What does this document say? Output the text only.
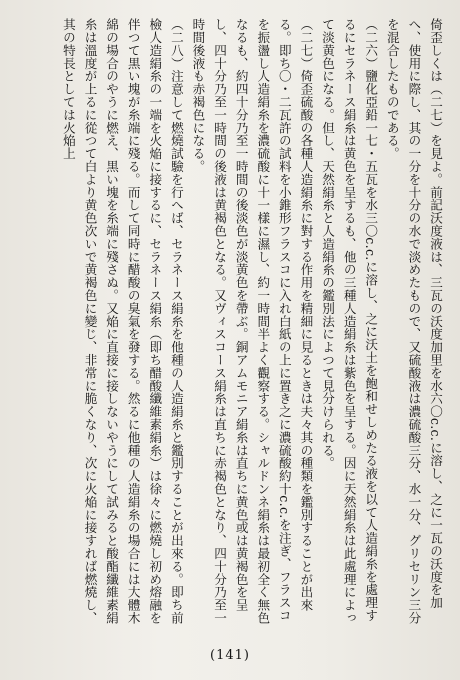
倚歪しくは（二七）を見よ。前記沃度液は、三瓦の沃度加里を水六〇c.c.に溶し、之に一瓦の沃度を加へ、使用に際し、其の一分を十分の水で淡めたもので、又硫酸液は濃硫酸三分、水一分、グリセリン三分を混合したものである。

（二六）鹽化亞鉛一七・五瓦を水三〇c.c.に溶し、之に沃土を飽和せしめたる液を以て人造絹糸を處理するにセラネース絹糸は黄色を呈するも、他の三種人造絹糸は紫色を呈する。因に天然絹糸は此處理によって淡黄色になる。但し、天然絹糸と人造絹糸の鑑別法によつて見分けられる。

（二七）倚歪硫酸の各種人造絹糸に對する作用を精細に見るときは夫々其の種類を鑑別することが出來る。即ち〇・二瓦許の試料を小錐形フラスコに入れ白紙の上に置き之に濃硫酸約十c.c.を注ぎ、フラスコを振盪し人造絹糸を濃硫酸に十一樣に濕し、約一時間半よく觀察する。シャルドンネ絹糸は最初全く無色なるも、約四十分乃至一時間の後淡色が淡黄色を帶ぶ。銅アムモニア絹糸は直ちに黄色或は黄褐色を呈し、四十分乃至一時間の後液は黄褐色となる。又ヴィスコース絹糸は直ちに赤褐色となり、四十分乃至一時間後液も赤褐色になる。

（二八）注意して燃燒試驗を行へば、セラネース絹糸を他種の人造絹糸と鑑別することが出來る。即ち前檢人造絹糸の一端を火焔に接するに、セラネース絹糸（即ち醋酸纖維素絹糸）は徐々に燃燒し初め熔融を伴つて黒い塊が糸端に殘る。而して同時に醋酸の臭氣を發する。然るに他種の人造絹糸の場合には大體木綿の場合のやうに燃え、黒い塊を糸端に殘さぬ。又焔に直接に接しないやうにして試みると酸酯纖維素絹糸は溫度が上るに從つて白より黄色次いで黄褐色に變じ、非常に脆くなり、次に火焔に接すれば燃燒し、其の特長としては火焔上

(141)
